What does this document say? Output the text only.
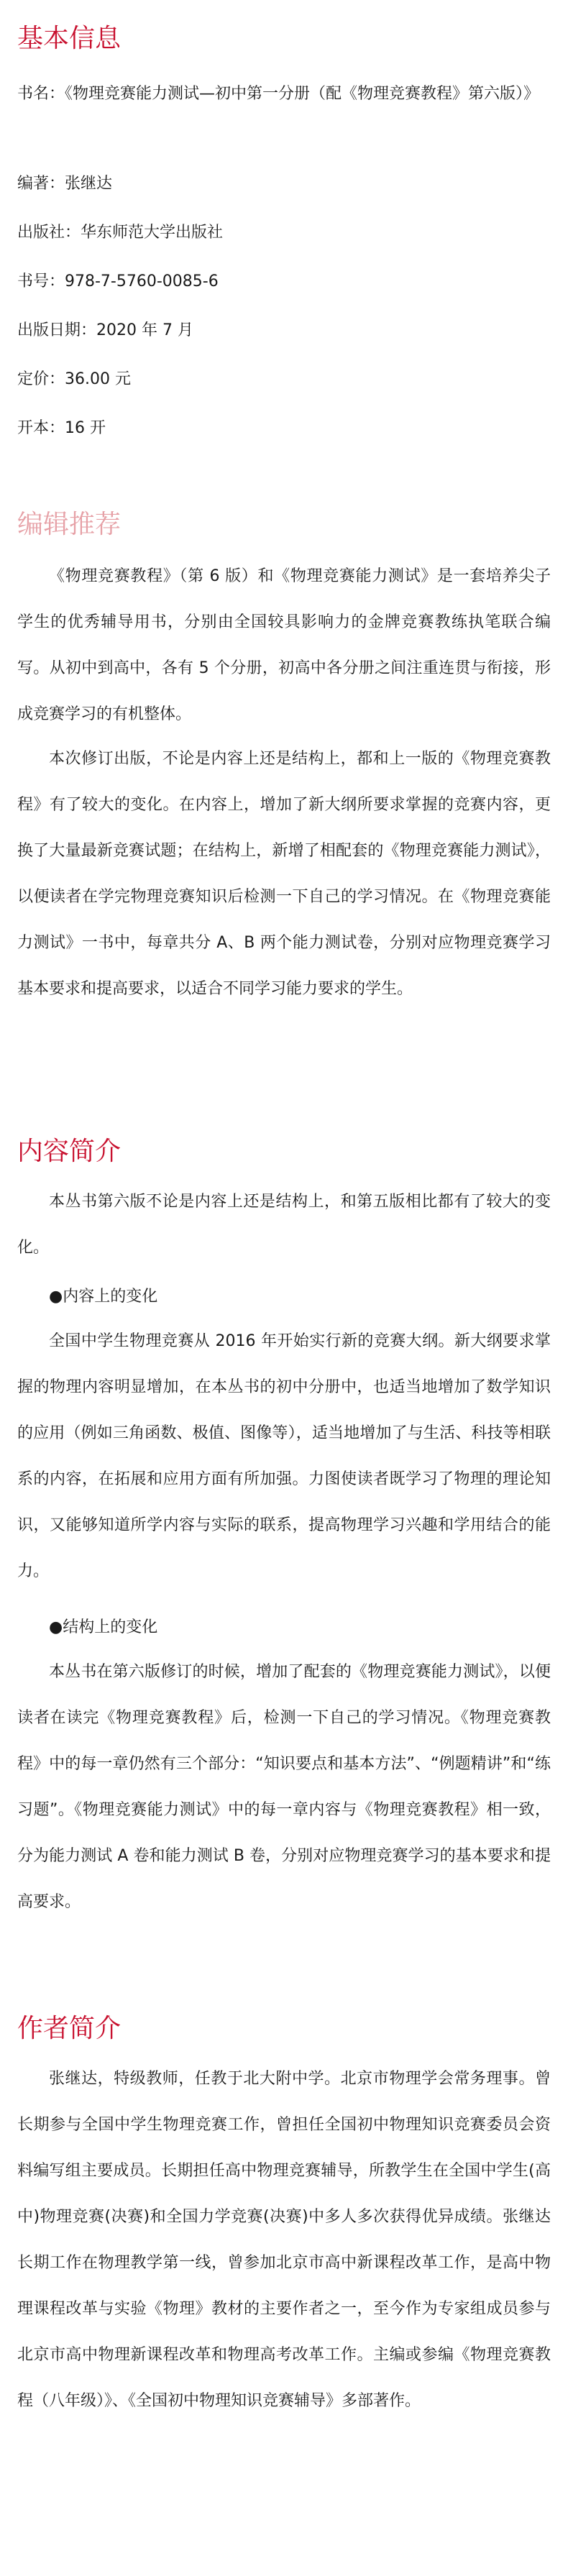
基本信息

书名：《物理竞赛能力测试—初中第一分册（配《物理竞赛教程》第六版）》

编著：张继达

出版社：华东师范大学出版社

书号：978-7-5760-0085-6

出版日期：2020 年 7 月

定价：36.00 元

开本：16 开

编辑推荐

《物理竞赛教程》（第 6 版）和《物理竞赛能力测试》是一套培养尖子学生的优秀辅导用书，分别由全国较具影响力的金牌竞赛教练执笔联合编写。从初中到高中，各有 5 个分册，初高中各分册之间注重连贯与衔接，形成竞赛学习的有机整体。

本次修订出版，不论是内容上还是结构上，都和上一版的《物理竞赛教程》有了较大的变化。在内容上，增加了新大纲所要求掌握的竞赛内容，更换了大量最新竞赛试题；在结构上，新增了相配套的《物理竞赛能力测试》，以便读者在学完物理竞赛知识后检测一下自己的学习情况。在《物理竞赛能力测试》一书中，每章共分 A、B 两个能力测试卷，分别对应物理竞赛学习基本要求和提高要求，以适合不同学习能力要求的学生。

内容简介

本丛书第六版不论是内容上还是结构上，和第五版相比都有了较大的变化。

●内容上的变化

全国中学生物理竞赛从 2016 年开始实行新的竞赛大纲。新大纲要求掌握的物理内容明显增加，在本丛书的初中分册中，也适当地增加了数学知识的应用（例如三角函数、极值、图像等），适当地增加了与生活、科技等相联系的内容，在拓展和应用方面有所加强。力图使读者既学习了物理的理论知识，又能够知道所学内容与实际的联系，提高物理学习兴趣和学用结合的能力。

●结构上的变化

本丛书在第六版修订的时候，增加了配套的《物理竞赛能力测试》，以便读者在读完《物理竞赛教程》后，检测一下自己的学习情况。《物理竞赛教程》中的每一章仍然有三个部分：“知识要点和基本方法”、“例题精讲”和“练习题”。《物理竞赛能力测试》中的每一章内容与《物理竞赛教程》相一致，分为能力测试 A 卷和能力测试 B 卷，分别对应物理竞赛学习的基本要求和提高要求。

作者简介

张继达，特级教师，任教于北大附中学。北京市物理学会常务理事。曾长期参与全国中学生物理竞赛工作，曾担任全国初中物理知识竞赛委员会资料编写组主要成员。长期担任高中物理竞赛辅导，所教学生在全国中学生(高中)物理竞赛(决赛)和全国力学竞赛(决赛)中多人多次获得优异成绩。张继达长期工作在物理教学第一线，曾参加北京市高中新课程改革工作，是高中物理课程改革与实验《物理》教材的主要作者之一，至今作为专家组成员参与北京市高中物理新课程改革和物理高考改革工作。主编或参编《物理竞赛教程（八年级）》、《全国初中物理知识竞赛辅导》多部著作。
